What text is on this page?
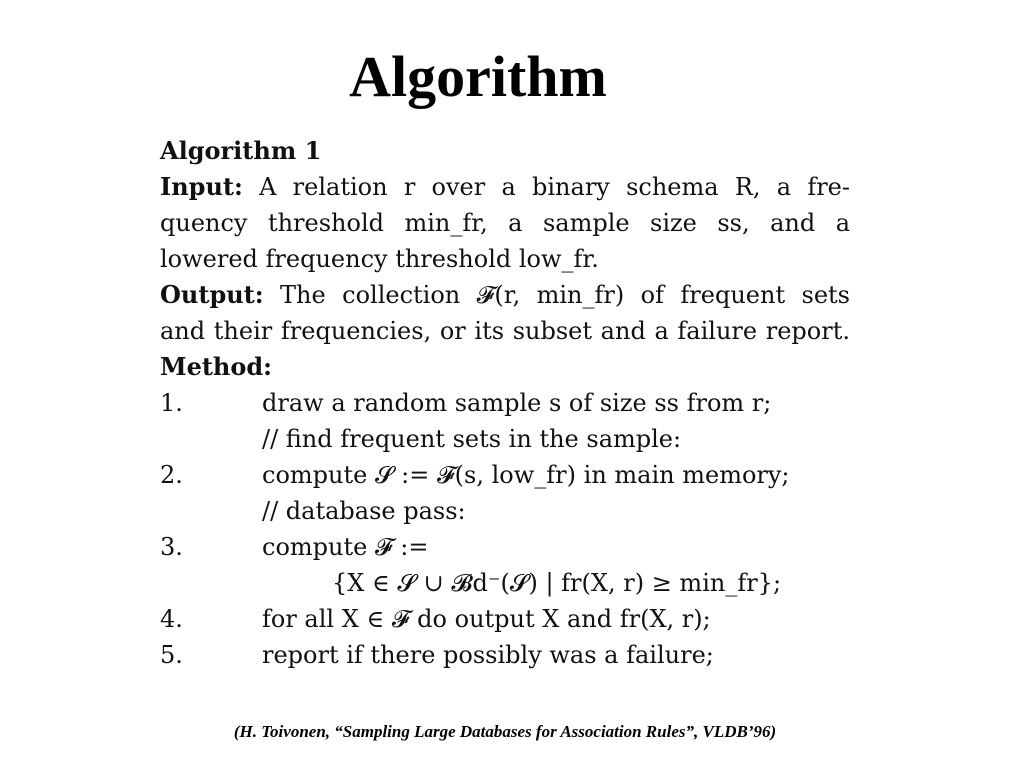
Algorithm
Algorithm 1
Input: A relation r over a binary schema R, a fre-
quency threshold min_fr, a sample size ss, and a
lowered frequency threshold low_fr.
Output: The collection 𝓕(r, min_fr) of frequent sets
and their frequencies, or its subset and a failure report.
Method:
1.	draw a random sample s of size ss from r;
// find frequent sets in the sample:
2.	compute 𝓢 := 𝓕(s, low_fr) in main memory;
// database pass:
3.	compute 𝓕 :=
{X ∈ 𝓢 ∪ 𝓑d⁻(𝓢) | fr(X, r) ≥ min_fr};
4.	for all X ∈ 𝓕 do output X and fr(X, r);
5.	report if there possibly was a failure;
(H. Toivonen, “Sampling Large Databases for Association Rules”, VLDB’96)
